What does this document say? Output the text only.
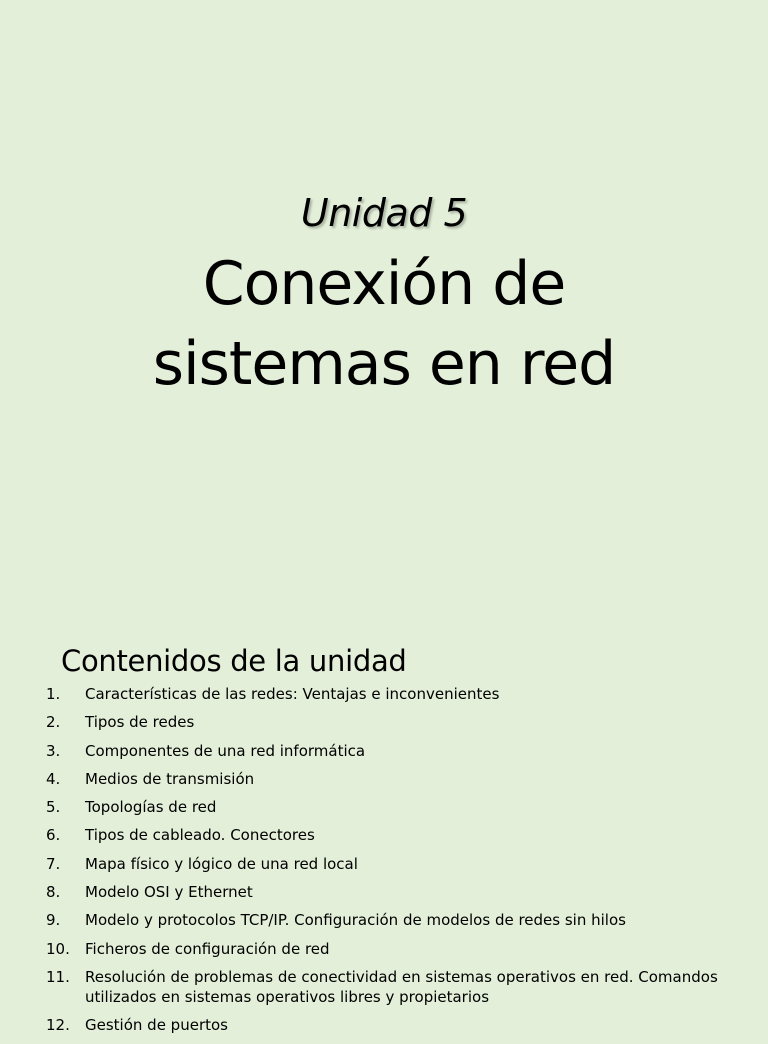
Unidad 5
Conexión de
sistemas en red
Contenidos de la unidad
1. Características de las redes: Ventajas e inconvenientes
2. Tipos de redes
3. Componentes de una red informática
4. Medios de transmisión
5. Topologías de red
6. Tipos de cableado. Conectores
7. Mapa físico y lógico de una red local
8. Modelo OSI y Ethernet
9. Modelo y protocolos TCP/IP. Configuración de modelos de redes sin hilos
10. Ficheros de configuración de red
11. Resolución de problemas de conectividad en sistemas operativos en red. Comandos utilizados en sistemas operativos libres y propietarios
12. Gestión de puertos
